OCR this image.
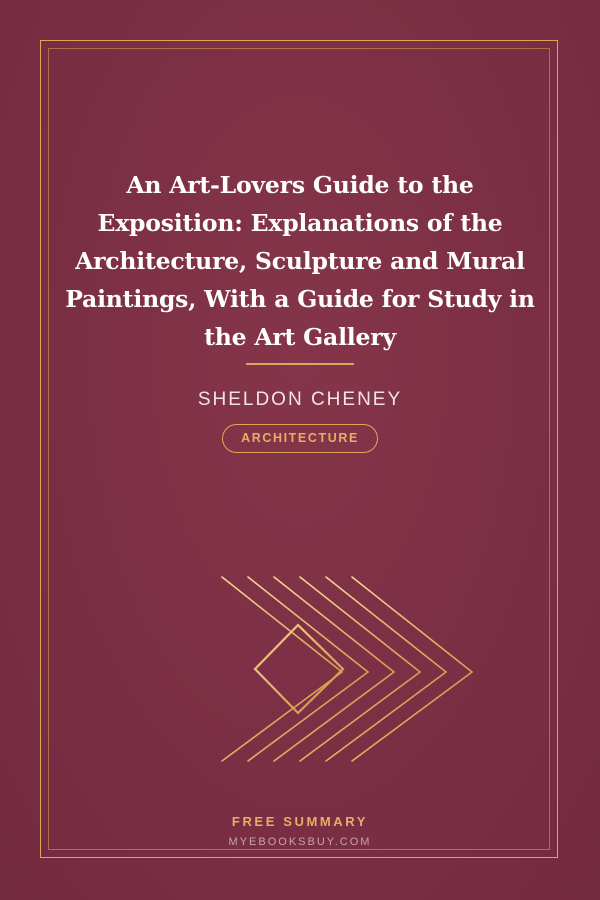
An Art-Lovers Guide to the Exposition: Explanations of the Architecture, Sculpture and Mural Paintings, With a Guide for Study in the Art Gallery
SHELDON CHENEY
ARCHITECTURE
FREE SUMMARY
MYEBOOKSBUY.COM
